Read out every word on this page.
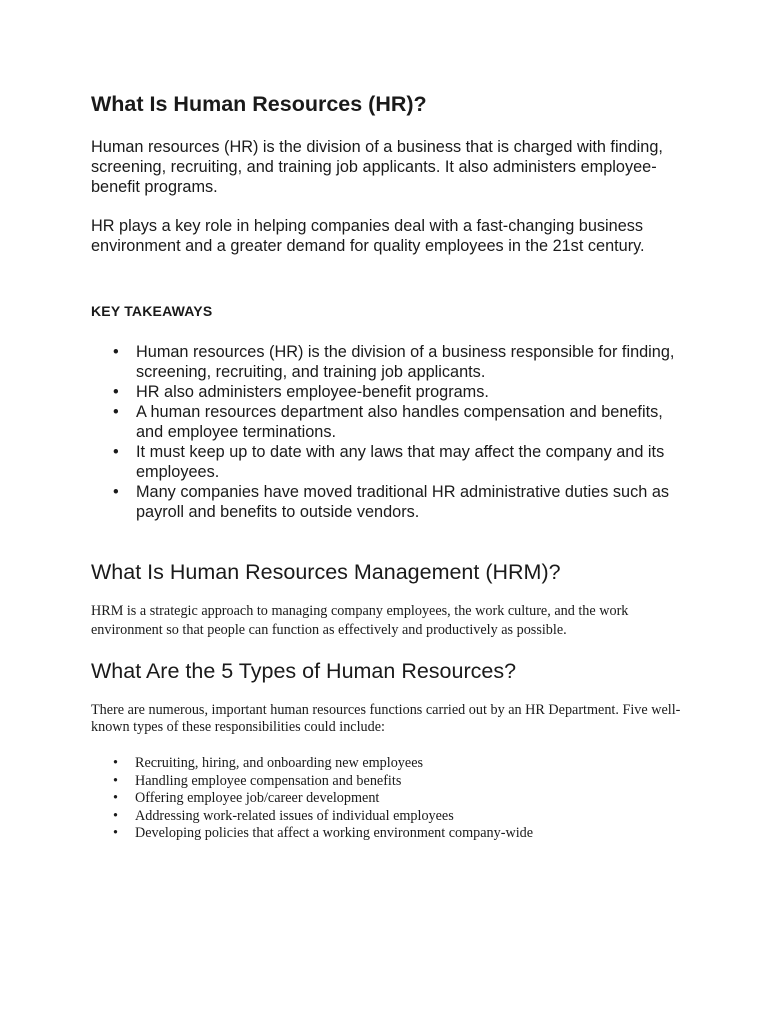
What Is Human Resources (HR)?

Human resources (HR) is the division of a business that is charged with finding, screening, recruiting, and training job applicants. It also administers employee-benefit programs.

HR plays a key role in helping companies deal with a fast-changing business environment and a greater demand for quality employees in the 21st century.

KEY TAKEAWAYS
• Human resources (HR) is the division of a business responsible for finding, screening, recruiting, and training job applicants.
• HR also administers employee-benefit programs.
• A human resources department also handles compensation and benefits, and employee terminations.
• It must keep up to date with any laws that may affect the company and its employees.
• Many companies have moved traditional HR administrative duties such as payroll and benefits to outside vendors.
What Is Human Resources Management (HRM)?

HRM is a strategic approach to managing company employees, the work culture, and the work environment so that people can function as effectively and productively as possible.

What Are the 5 Types of Human Resources?

There are numerous, important human resources functions carried out by an HR Department. Five well-known types of these responsibilities could include:

• Recruiting, hiring, and onboarding new employees
• Handling employee compensation and benefits
• Offering employee job/career development
• Addressing work-related issues of individual employees
• Developing policies that affect a working environment company-wide
